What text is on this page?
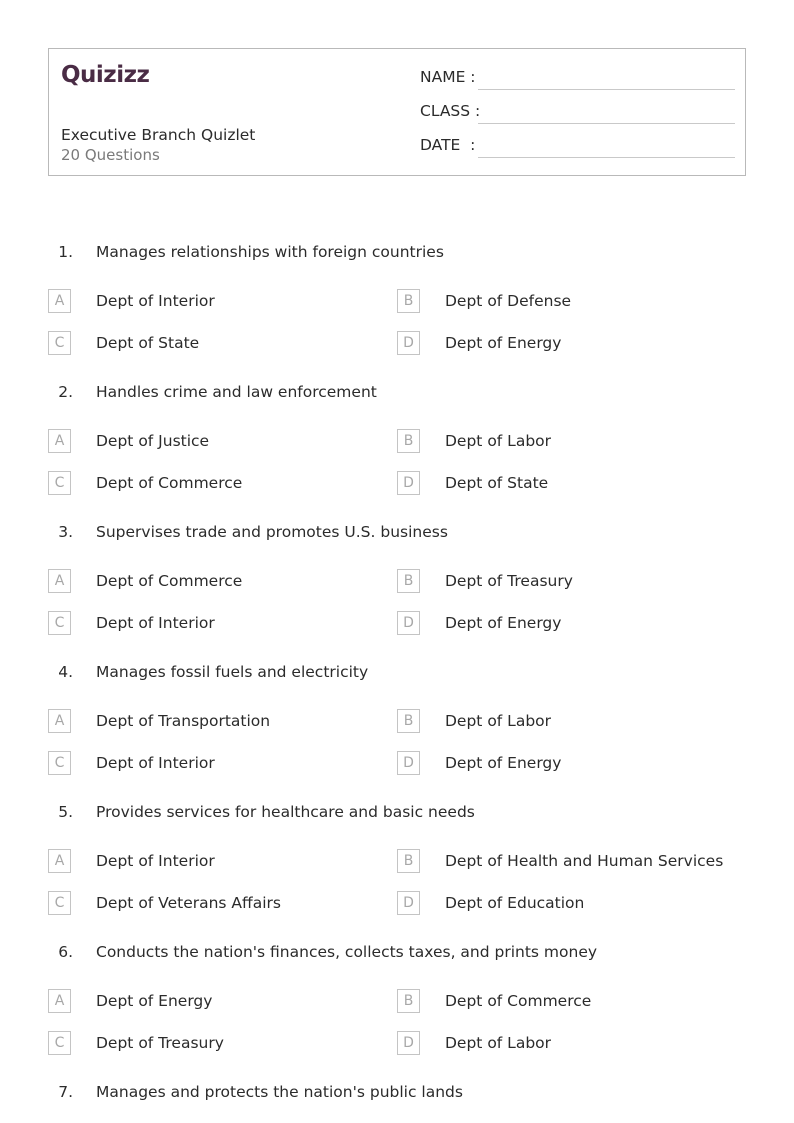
Quizizz
Executive Branch Quizlet
20 Questions
NAME :
CLASS :
DATE  :
1. Manages relationships with foreign countries
A	Dept of Interior	B	Dept of Defense
C	Dept of State	D	Dept of Energy
2. Handles crime and law enforcement
A	Dept of Justice	B	Dept of Labor
C	Dept of Commerce	D	Dept of State
3. Supervises trade and promotes U.S. business
A	Dept of Commerce	B	Dept of Treasury
C	Dept of Interior	D	Dept of Energy
4. Manages fossil fuels and electricity
A	Dept of Transportation	B	Dept of Labor
C	Dept of Interior	D	Dept of Energy
5. Provides services for healthcare and basic needs
A	Dept of Interior	B	Dept of Health and Human Services
C	Dept of Veterans Affairs	D	Dept of Education
6. Conducts the nation's finances, collects taxes, and prints money
A	Dept of Energy	B	Dept of Commerce
C	Dept of Treasury	D	Dept of Labor
7. Manages and protects the nation's public lands
